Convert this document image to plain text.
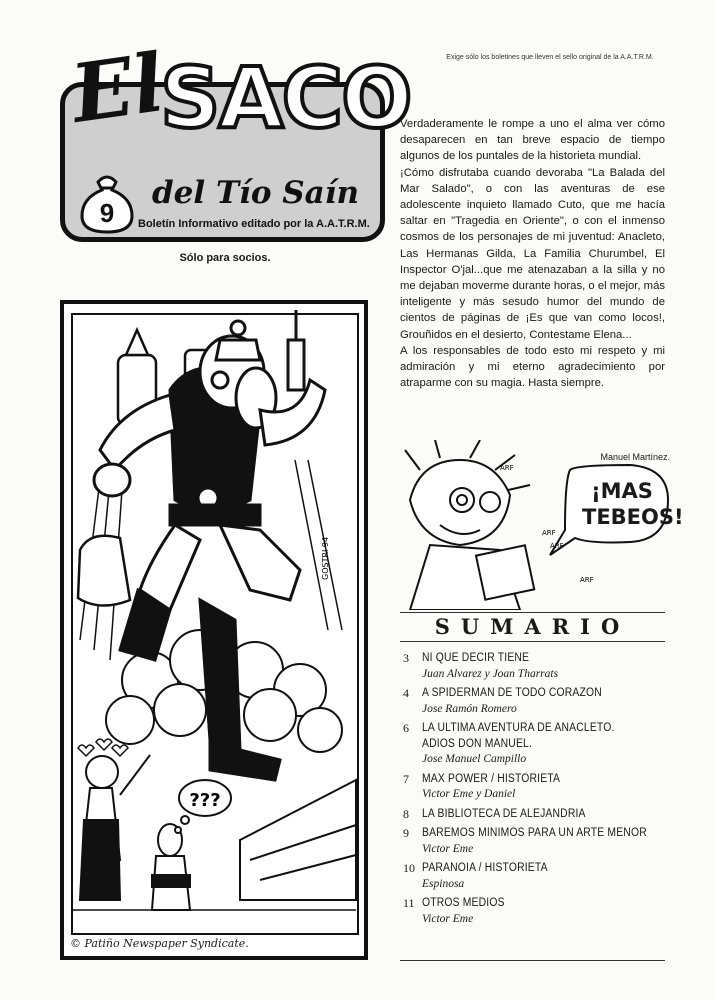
9
El
SACO
del Tío Saín
Boletín Informativo editado por la A.A.T.R.M.
Sólo para socios.
Exige sólo los boletines que lleven el sello original de la A.A.T.R.M.

Verdaderamente le rompe a uno el alma ver cómo desaparecen en tan breve espacio de tiempo algunos de los puntales de la historieta mundial.

¡Cómo disfrutaba cuando devoraba "La Balada del Mar Salado", o con las aventuras de ese adolescente inquieto llamado Cuto, que me hacía saltar en "Tragedia en Oriente", o con el inmenso cosmos de los personajes de mi juventud: Anacleto, Las Hermanas Gilda, La Familia Churumbel, El Inspector O'jal...que me atenazaban a la silla y no me dejaban moverme durante horas, o el mejor, más inteligente y más sesudo humor del mundo de cientos de páginas de ¡Es que van como locos!, Grouñidos en el desierto, Contestame Elena...

A los responsables de todo esto mi respeto y mi admiración y mi eterno agradecimiento por atraparme con su magia. Hasta siempre.

???
GOSTRI 94
© Patiño Newspaper Syndicate.
ARF
ARF
ARF
ARF
¡MAS
TEBEOS!
Manuel Martínez.
SUMARIO
3 NI QUE DECIR TIENE
Juan Alvarez y Joan Tharrats
4 A SPIDERMAN DE TODO CORAZON
Jose Ramón Romero
6 LA ULTIMA AVENTURA DE ANACLETO.
ADIOS DON MANUEL.
Jose Manuel Campillo
7 MAX POWER / HISTORIETA
Victor Eme y Daniel
8 LA BIBLIOTECA DE ALEJANDRIA
9 BAREMOS MINIMOS PARA UN ARTE MENOR
Victor Eme
10 PARANOIA / HISTORIETA
Espinosa
11 OTROS MEDIOS
Victor Eme
